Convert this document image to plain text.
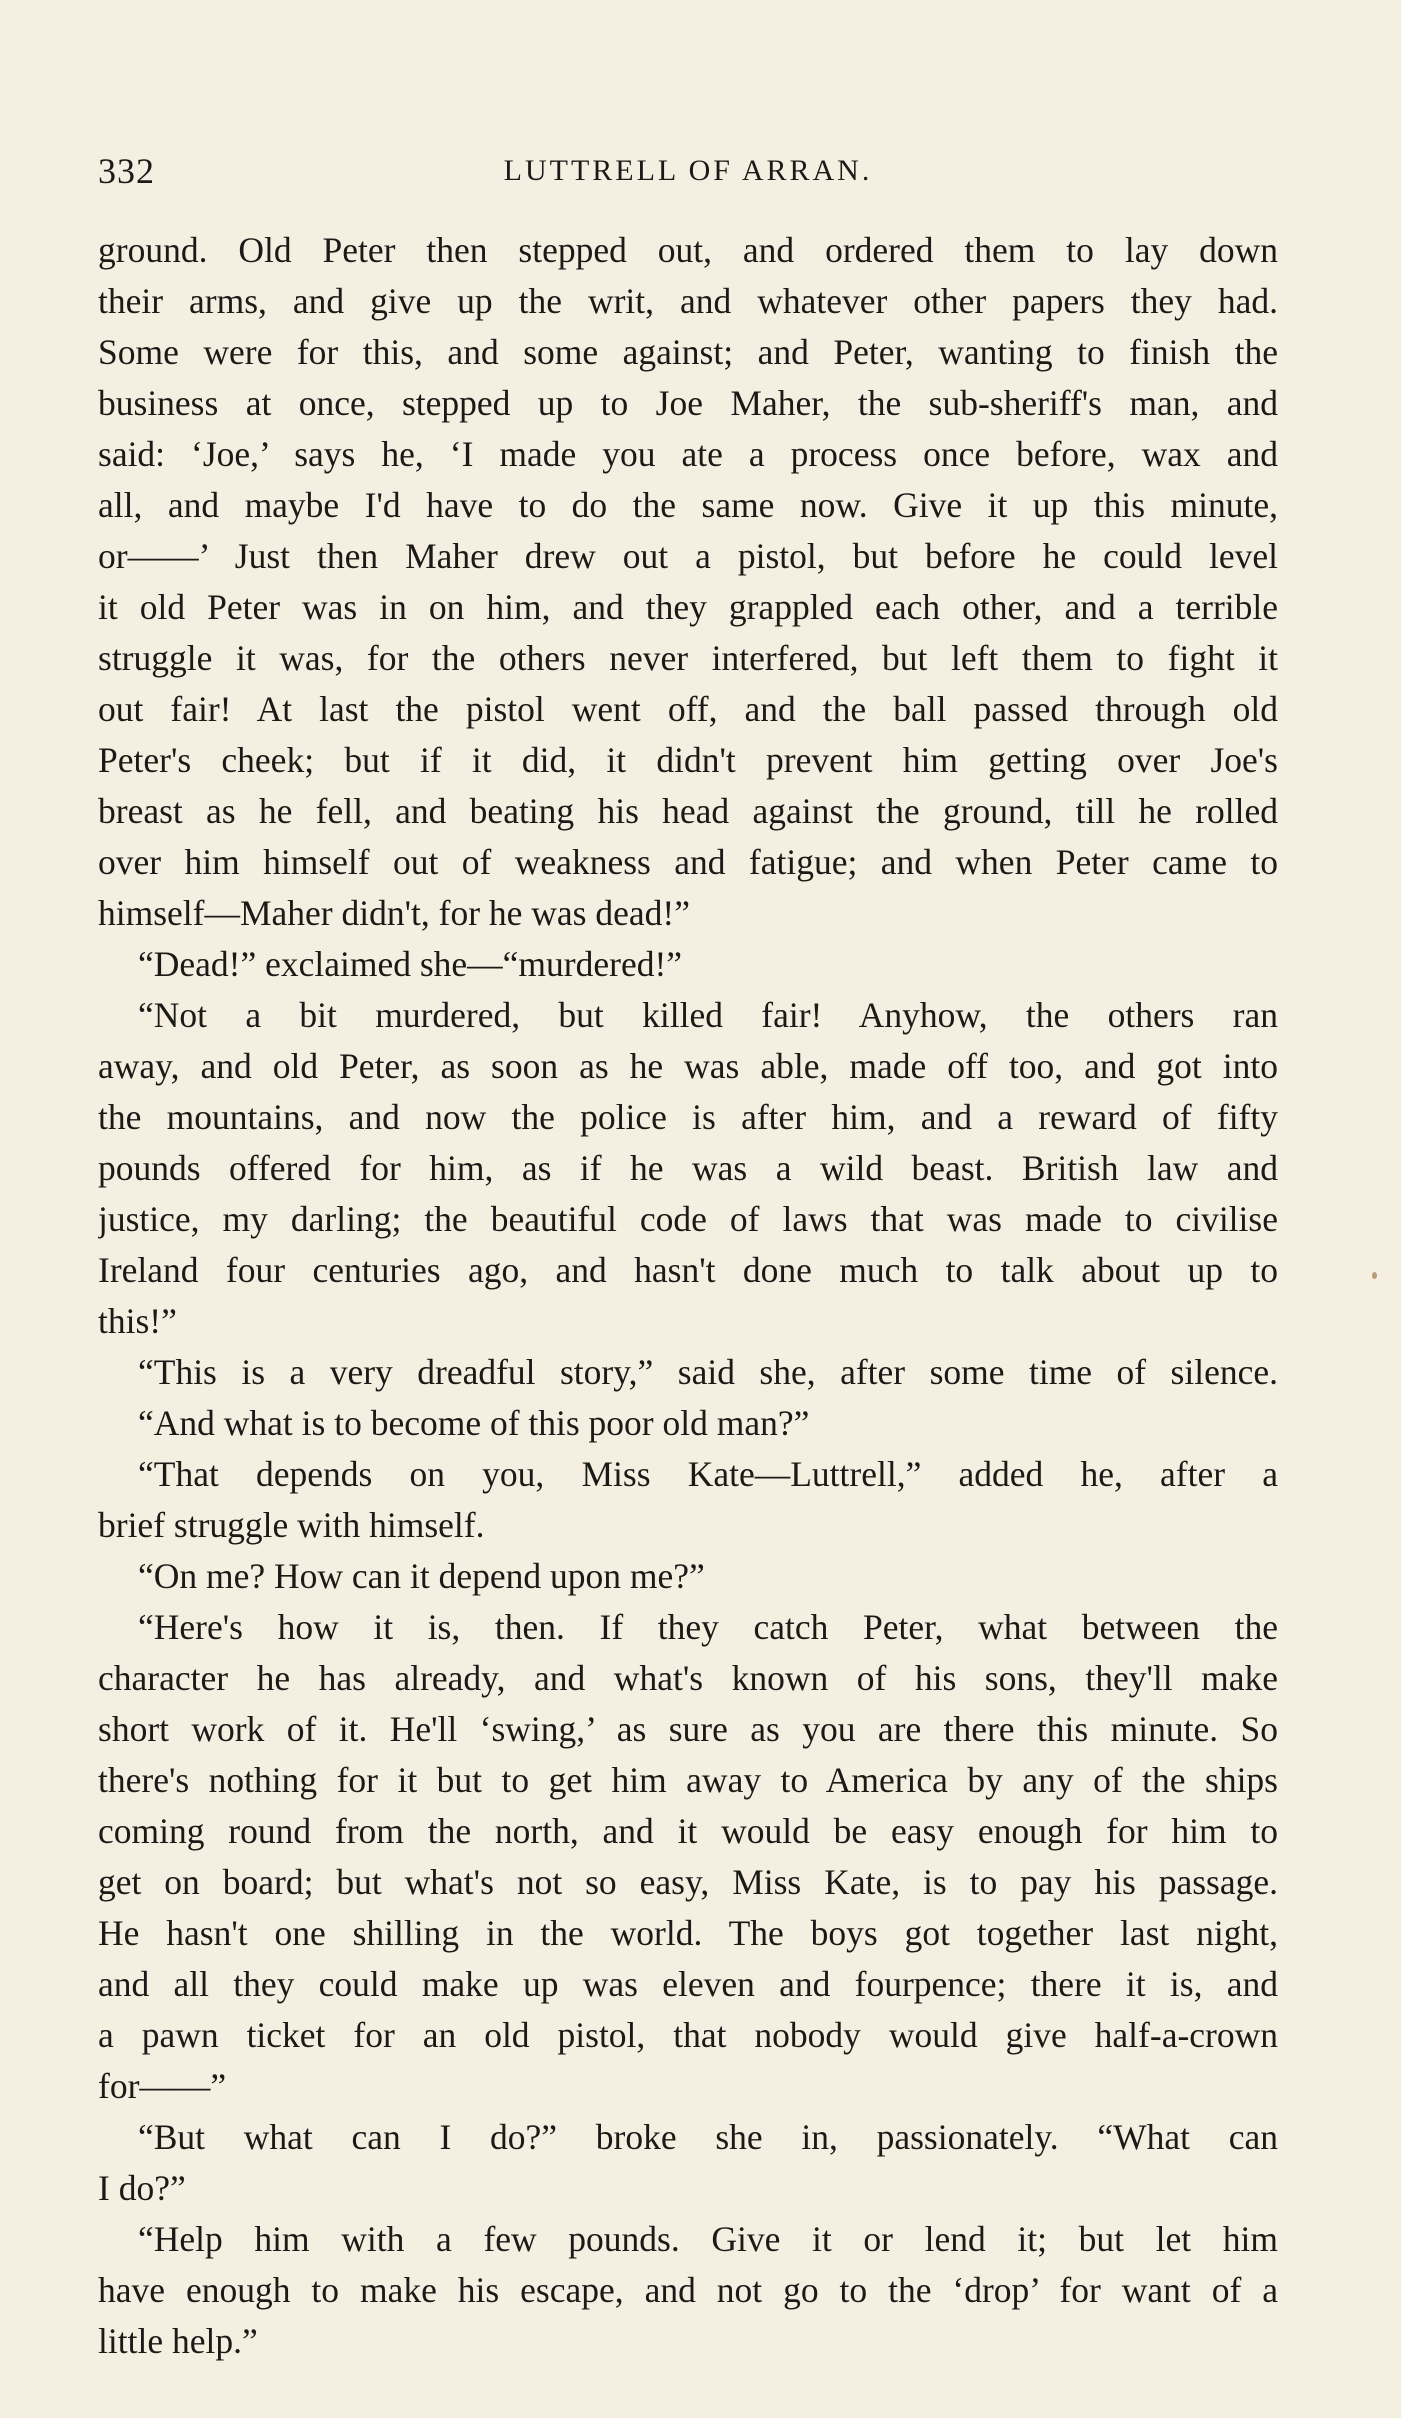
332	LUTTRELL OF ARRAN.
ground. Old Peter then stepped out, and ordered them to lay down
their arms, and give up the writ, and whatever other papers they had.
Some were for this, and some against; and Peter, wanting to finish the
business at once, stepped up to Joe Maher, the sub-sheriff's man, and
said: ‘Joe,’ says he, ‘I made you ate a process once before, wax and
all, and maybe I'd have to do the same now. Give it up this minute,
or——’ Just then Maher drew out a pistol, but before he could level
it old Peter was in on him, and they grappled each other, and a terrible
struggle it was, for the others never interfered, but left them to fight it
out fair! At last the pistol went off, and the ball passed through old
Peter's cheek; but if it did, it didn't prevent him getting over Joe's
breast as he fell, and beating his head against the ground, till he rolled
over him himself out of weakness and fatigue; and when Peter came to
himself—Maher didn't, for he was dead!”
“Dead!” exclaimed she—“murdered!”
“Not a bit murdered, but killed fair! Anyhow, the others ran
away, and old Peter, as soon as he was able, made off too, and got into
the mountains, and now the police is after him, and a reward of fifty
pounds offered for him, as if he was a wild beast. British law and
justice, my darling; the beautiful code of laws that was made to civilise
Ireland four centuries ago, and hasn't done much to talk about up to
this!”
“This is a very dreadful story,” said she, after some time of silence.
“And what is to become of this poor old man?”
“That depends on you, Miss Kate—Luttrell,” added he, after a
brief struggle with himself.
“On me? How can it depend upon me?”
“Here's how it is, then. If they catch Peter, what between the
character he has already, and what's known of his sons, they'll make
short work of it. He'll ‘swing,’ as sure as you are there this minute. So
there's nothing for it but to get him away to America by any of the ships
coming round from the north, and it would be easy enough for him to
get on board; but what's not so easy, Miss Kate, is to pay his passage.
He hasn't one shilling in the world. The boys got together last night,
and all they could make up was eleven and fourpence; there it is, and
a pawn ticket for an old pistol, that nobody would give half-a-crown
for——”
“But what can I do?” broke she in, passionately. “What can
I do?”
“Help him with a few pounds. Give it or lend it; but let him
have enough to make his escape, and not go to the ‘drop’ for want of a
little help.”
